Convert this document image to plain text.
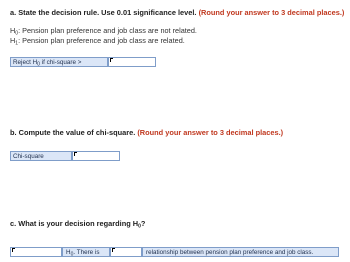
a. State the decision rule. Use 0.01 significance level. (Round your answer to 3 decimal places.)
$H_0$: Pension plan preference and job class are not related.
$H_1$: Pension plan preference and job class are related.
Reject $H_0$ if chi-square >
b. Compute the value of chi-square. (Round your answer to 3 decimal places.)
Chi-square
c. What is your decision regarding $H_0$?
$H_0$. There is	relationship between pension plan preference and job class.
